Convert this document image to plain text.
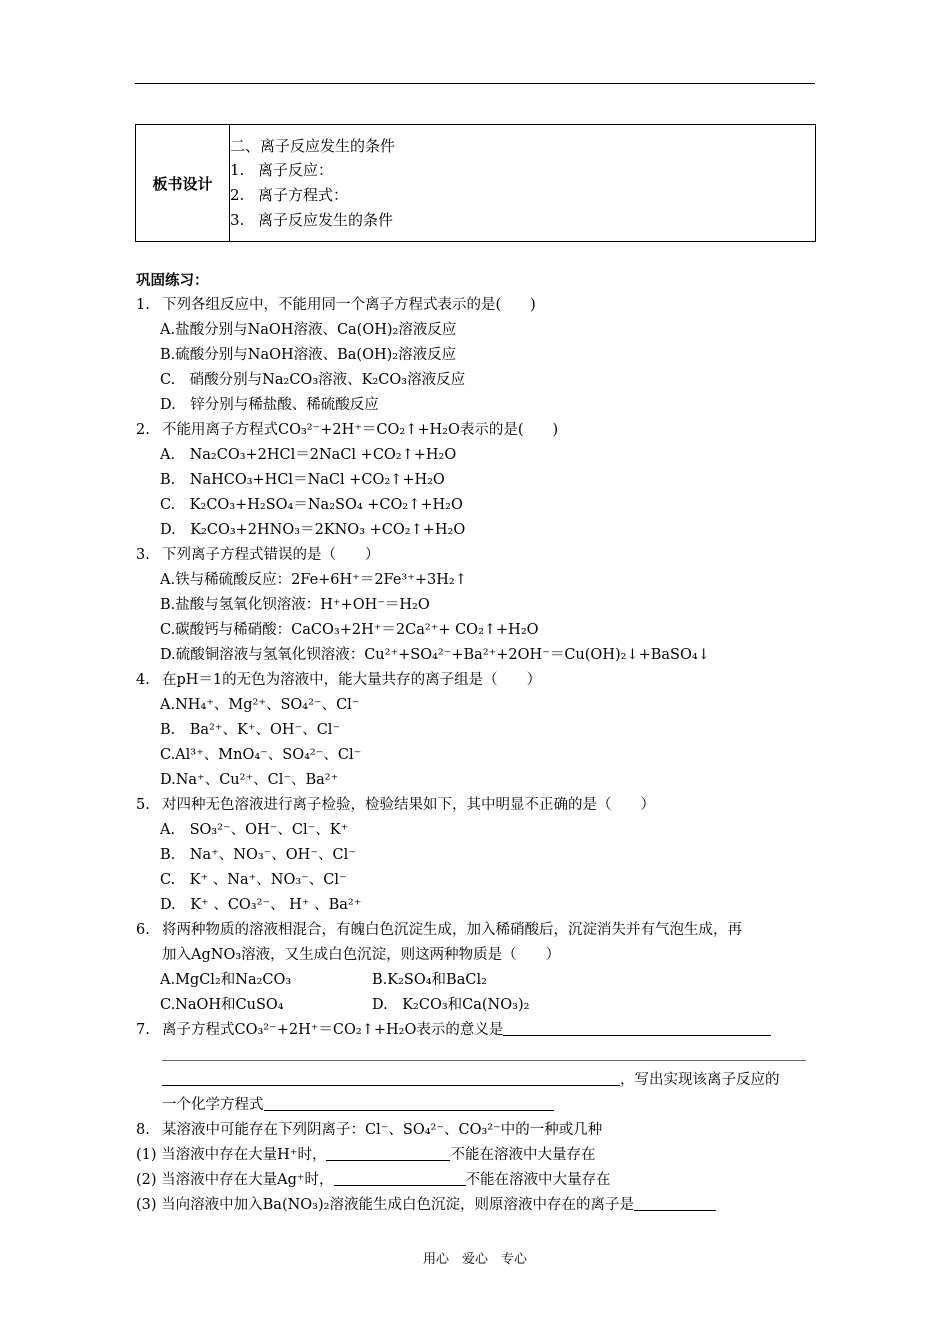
板书设计	
二、离子反应发生的条件
1. 离子反应：
2. 离子方程式：
3. 离子反应发生的条件
巩固练习：
1. 下列各组反应中，不能用同一个离子方程式表示的是(　　)
A.盐酸分别与NaOH溶液、Ca(OH)₂溶液反应
B.硫酸分别与NaOH溶液、Ba(OH)₂溶液反应
C.　硝酸分别与Na₂CO₃溶液、K₂CO₃溶液反应
D.　锌分别与稀盐酸、稀硫酸反应
2. 不能用离子方程式CO₃²⁻+2H⁺＝CO₂↑+H₂O表示的是(　　)
A.　Na₂CO₃+2HCl＝2NaCl +CO₂↑+H₂O
B.　NaHCO₃+HCl＝NaCl +CO₂↑+H₂O
C.　K₂CO₃+H₂SO₄＝Na₂SO₄ +CO₂↑+H₂O
D.　K₂CO₃+2HNO₃＝2KNO₃ +CO₂↑+H₂O
3. 下列离子方程式错误的是（　　）
A.铁与稀硫酸反应：2Fe+6H⁺＝2Fe³⁺+3H₂↑
B.盐酸与氢氧化钡溶液：H⁺+OH⁻＝H₂O
C.碳酸钙与稀硝酸：CaCO₃+2H⁺＝2Ca²⁺+ CO₂↑+H₂O
D.硫酸铜溶液与氢氧化钡溶液：Cu²⁺+SO₄²⁻+Ba²⁺+2OH⁻＝Cu(OH)₂↓+BaSO₄↓
4. 在pH＝1的无色为溶液中，能大量共存的离子组是（　　）
A.NH₄⁺、Mg²⁺、SO₄²⁻、Cl⁻
B.　Ba²⁺、K⁺、OH⁻、Cl⁻
C.Al³⁺、MnO₄⁻、SO₄²⁻、Cl⁻
D.Na⁺、Cu²⁺、Cl⁻、Ba²⁺
5. 对四种无色溶液进行离子检验，检验结果如下，其中明显不正确的是（　　）
A.　SO₃²⁻、OH⁻、Cl⁻、K⁺
B.　Na⁺、NO₃⁻、OH⁻、Cl⁻
C.　K⁺ 、Na⁺、NO₃⁻、Cl⁻
D.　K⁺ 、CO₃²⁻、 H⁺ 、Ba²⁺
6. 将两种物质的溶液相混合，有魄白色沉淀生成，加入稀硝酸后，沉淀消失并有气泡生成，再
加入AgNO₃溶液，又生成白色沉淀，则这两种物质是（　　）
A.MgCl₂和Na₂CO₃	B.K₂SO₄和BaCl₂
C.NaOH和CuSO₄	D.　K₂CO₃和Ca(NO₃)₂
7. 离子方程式CO₃²⁻+2H⁺＝CO₂↑+H₂O表示的意义是
，写出实现该离子反应的
一个化学方程式
8. 某溶液中可能存在下列阴离子：Cl⁻、SO₄²⁻、CO₃²⁻中的一种或几种
(1) 当溶液中存在大量H⁺时，	不能在溶液中大量存在
(2) 当溶液中存在大量Ag⁺时，	不能在溶液中大量存在
(3) 当向溶液中加入Ba(NO₃)₂溶液能生成白色沉淀，则原溶液中存在的离子是
用心　爱心　专心
